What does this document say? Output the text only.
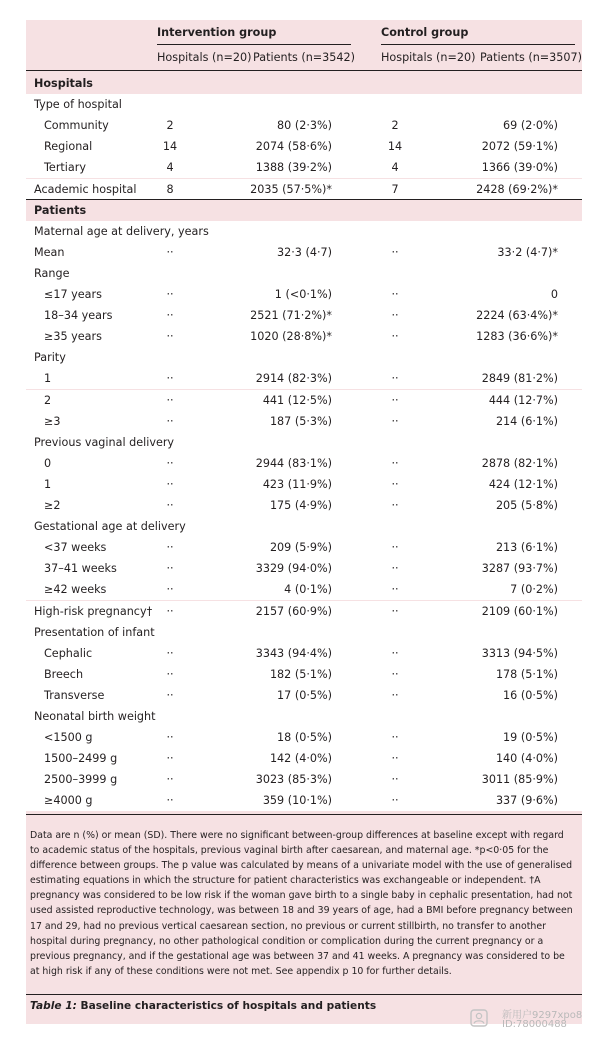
Intervention group	Control group
Hospitals (n=20) Patients (n=3542) Hospitals (n=20) Patients (n=3507)
Hospitals
Type of hospital
Community	2	80 (2·3%)	2	69 (2·0%)
Regional	14	2074 (58·6%)	14	2072 (59·1%)
Tertiary	4	1388 (39·2%)	4	1366 (39·0%)
Academic hospital	8	2035 (57·5%)*	7	2428 (69·2%)*
Patients
Maternal age at delivery, years
Mean	··	32·3 (4·7)	··	33·2 (4·7)*
Range
≤17 years	··	1 (<0·1%)	··	0
18–34 years	··	2521 (71·2%)*	··	2224 (63·4%)*
≥35 years	··	1020 (28·8%)*	··	1283 (36·6%)*
Parity
1	··	2914 (82·3%)	··	2849 (81·2%)
2	··	441 (12·5%)	··	444 (12·7%)
≥3	··	187 (5·3%)	··	214 (6·1%)
Previous vaginal delivery
0	··	2944 (83·1%)	··	2878 (82·1%)
1	··	423 (11·9%)	··	424 (12·1%)
≥2	··	175 (4·9%)	··	205 (5·8%)
Gestational age at delivery
<37 weeks	··	209 (5·9%)	··	213 (6·1%)
37–41 weeks	··	3329 (94·0%)	··	3287 (93·7%)
≥42 weeks	··	4 (0·1%)	··	7 (0·2%)
High-risk pregnancy†	··	2157 (60·9%)	··	2109 (60·1%)
Presentation of infant
Cephalic	··	3343 (94·4%)	··	3313 (94·5%)
Breech	··	182 (5·1%)	··	178 (5·1%)
Transverse	··	17 (0·5%)	··	16 (0·5%)
Neonatal birth weight
<1500 g	··	18 (0·5%)	··	19 (0·5%)
1500–2499 g	··	142 (4·0%)	··	140 (4·0%)
2500–3999 g	··	3023 (85·3%)	··	3011 (85·9%)
≥4000 g	··	359 (10·1%)	··	337 (9·6%)
Data are n (%) or mean (SD). There were no significant between-group differences at baseline except with regard to academic status of the hospitals, previous vaginal birth after caesarean, and maternal age. *p<0·05 for the difference between groups. The p value was calculated by means of a univariate model with the use of generalised estimating equations in which the structure for patient characteristics was exchangeable or independent. †A pregnancy was considered to be low risk if the woman gave birth to a single baby in cephalic presentation, had not used assisted reproductive technology, was between 18 and 39 years of age, had a BMI before pregnancy between 17 and 29, had no previous vertical caesarean section, no previous or current stillbirth, no transfer to another hospital during pregnancy, no other pathological condition or complication during the current pregnancy or a previous pregnancy, and if the gestational age was between 37 and 41 weeks. A pregnancy was considered to be at high risk if any of these conditions were not met. See appendix p 10 for further details.
Table 1: Baseline characteristics of hospitals and patients
新用户9297xpo8
ID:78000488
